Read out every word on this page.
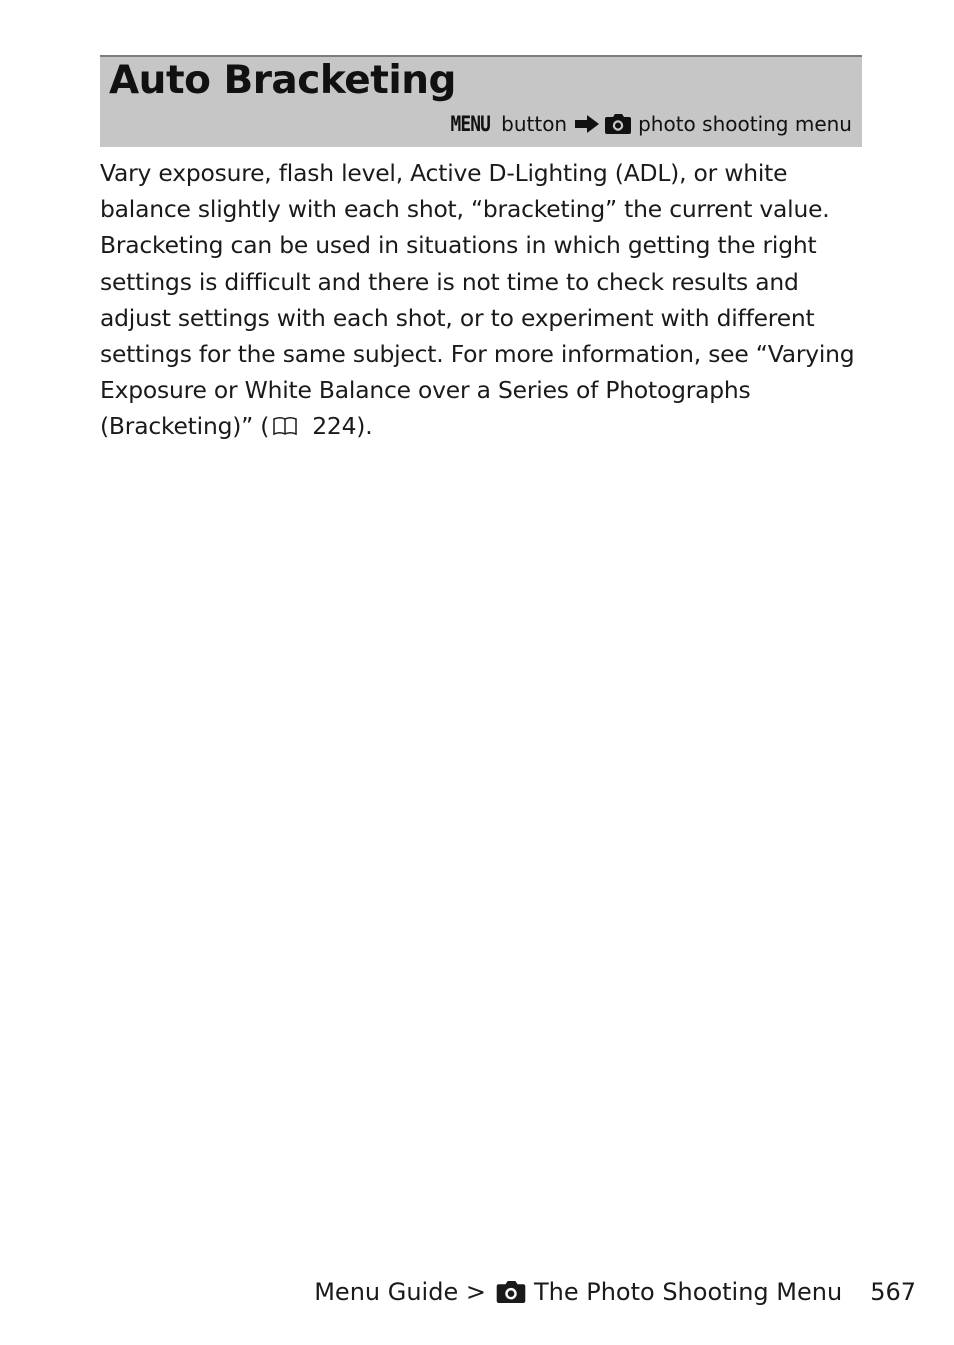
Auto Bracketing
MENU button	photo shooting menu

Vary exposure, flash level, Active D-Lighting (ADL), or white balance slightly with each shot, “bracketing” the current value. Bracketing can be used in situations in which getting the right settings is difficult and there is not time to check results and adjust settings with each shot, or to experiment with different settings for the same subject. For more information, see “Varying Exposure or White Balance over a Series of Photographs (Bracketing)” ( 224).

Menu Guide > The Photo Shooting Menu 567
